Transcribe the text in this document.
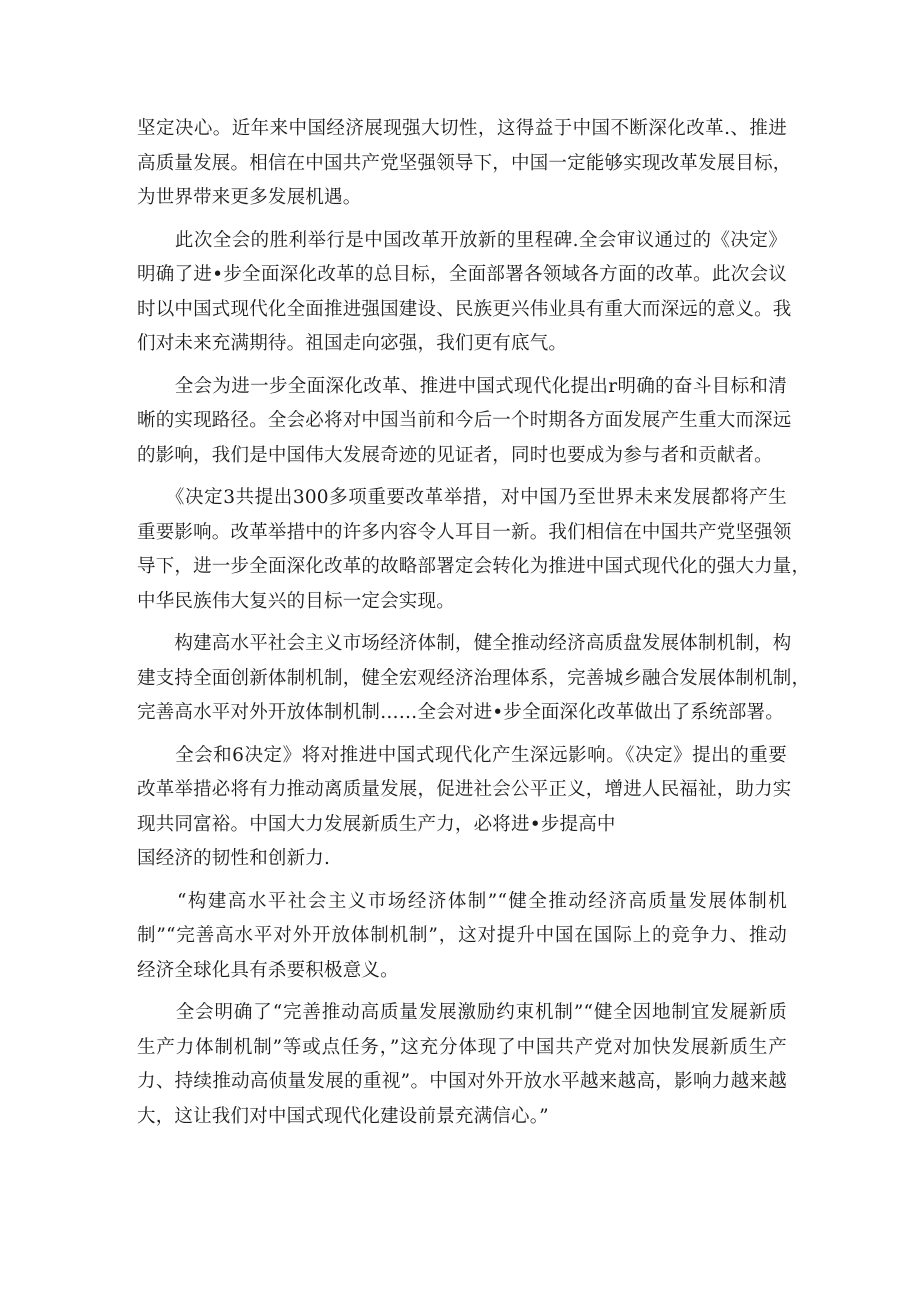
坚定决心。近年来中国经济展现强大切性，这得益于中国不断深化改革.、推进
高质量发展。相信在中国共产党坚强领导下，中国一定能够实现改革发展目标，
为世界带来更多发展机遇。
　　此次全会的胜利举行是中国改革开放新的里程碑.全会审议通过的《决定》
明确了进•步全面深化改革的总目标，全面部署各领域各方面的改革。此次会议
时以中国式现代化全面推进强国建设、民族更兴伟业具有重大而深远的意义。我
们对未来充满期待。祖国走向宓强，我们更有底气。
　　全会为进一步全面深化改革、推进中国式现代化提出r明确的奋斗目标和清
晰的实现路径。全会必将对中国当前和今后一个时期各方面发展产生重大而深远
的影响，我们是中国伟大发展奇迹的见证者，同时也要成为参与者和贡献者。
　　《决定3共提出300多项重要改革举措，对中国乃至世界未来发展都将产生
重要影响。改革举措中的许多内容令人耳目一新。我们相信在中国共产党坚强领
导下，进一步全面深化改革的故略部署定会转化为推进中国式现代化的强大力量，
中华民族伟大复兴的目标一定会实现。
　　构建高水平社会主义市场经济体制，健全推动经济高质盘发展体制机制，构
建支持全面创新体制机制，健全宏观经济治理体系，完善城乡融合发展体制机制，
完善高水平对外开放体制机制……全会对进•步全面深化改革做出了系统部署。
　　全会和6决定》将对推进中国式现代化产生深远影响。《决定》提出的重要
改革举措必将有力推动离质量发展，促进社会公平正义，增进人民福祉，助力实
现共同富裕。中国大力发展新质生产力，必将进•步提高中
国经济的韧性和创新力.
　　“构建高水平社会主义市场经济体制”“健全推动经济高质量发展体制机
制”“完善高水平对外开放体制机制”，这对提升中国在国际上的竞争力、推动
经济全球化具有杀要积极意义。
　　全会明确了“完善推动高质量发展激励约束机制”“健全因地制宜发屣新质
生产力体制机制”等或点任务，”这充分体现了中国共产党对加快发展新质生产
力、持续推动高侦量发展的重视”。中国对外开放水平越来越高，影响力越来越
大，这让我们对中国式现代化建设前景充满信心。”
